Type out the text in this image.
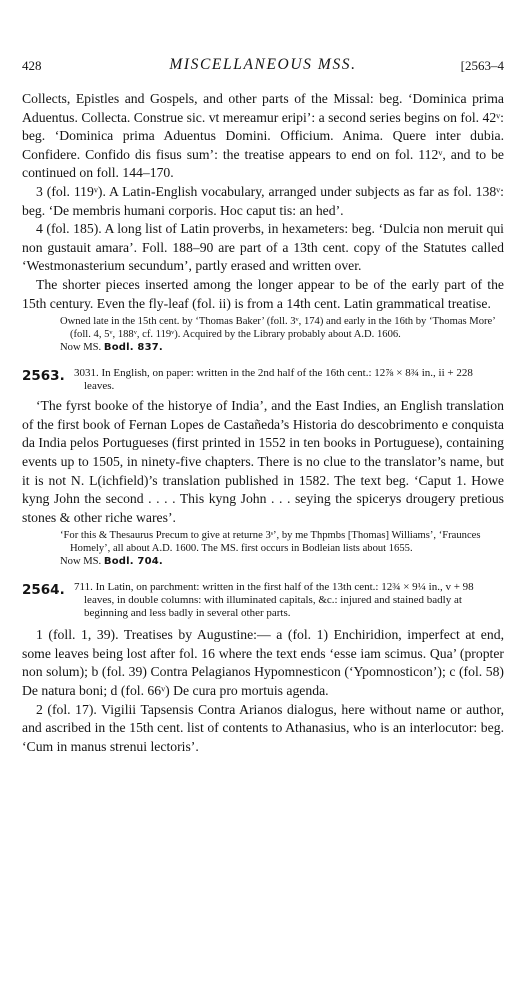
428	MISCELLANEOUS MSS.	[2563–4

Collects, Epistles and Gospels, and other parts of the Missal: beg. ‘Dominica prima Aduentus. Collecta. Construe sic. vt mereamur eripi’: a second series begins on fol. 42ᵛ: beg. ‘Dominica prima Aduentus Domini. Officium. Anima. Quere inter dubia. Confidere. Confido dis fisus sum’: the treatise appears to end on fol. 112ᵛ, and to be continued on foll. 144–170.

3 (fol. 119ᵛ). A Latin-English vocabulary, arranged under subjects as far as fol. 138ᵛ: beg. ‘De membris humani corporis. Hoc caput tis: an hed’.

4 (fol. 185). A long list of Latin proverbs, in hexameters: beg. ‘Dulcia non meruit qui non gustauit amara’. Foll. 188–90 are part of a 13th cent. copy of the Statutes called ‘Westmonasterium secundum’, partly erased and written over.

The shorter pieces inserted among the longer appear to be of the early part of the 15th century. Even the fly-leaf (fol. ii) is from a 14th cent. Latin grammatical treatise.

Owned late in the 15th cent. by ‘Thomas Baker’ (foll. 3ᵛ, 174) and early in the 16th by ‘Thomas More’ (foll. 4, 5ᵛ, 188ᵛ, cf. 119ᵛ). Acquired by the Library probably about A.D. 1606.

Now MS. Bodl. 837.

2563. 3031. In English, on paper: written in the 2nd half of the 16th cent.: 12⅞ × 8¾ in., ii + 228 leaves.

‘The fyrst booke of the historye of India’, and the East Indies, an English translation of the first book of Fernan Lopes de Castañeda’s Historia do descobrimento e conquista da India pelos Portugueses (first printed in 1552 in ten books in Portuguese), containing events up to 1505, in ninety-five chapters. There is no clue to the translator’s name, but it is not N. L(ichfield)’s translation published in 1582. The text beg. ‘Caput 1. Howe kyng John the second . . . . This kyng John . . . seying the spicerys drougery pretious stones & other riche wares’.

‘For this & Thesaurus Precum to give at returne 3ˢ’, by me Thpmbs [Thomas] Williams’, ‘Fraunces Homely’, all about A.D. 1600. The MS. first occurs in Bodleian lists about 1655.

Now MS. Bodl. 704.

2564. 711. In Latin, on parchment: written in the first half of the 13th cent.: 12¾ × 9¼ in., v + 98 leaves, in double columns: with illuminated capitals, &c.: injured and stained badly at beginning and less badly in several other parts.

1 (foll. 1, 39). Treatises by Augustine:— a (fol. 1) Enchiridion, imperfect at end, some leaves being lost after fol. 16 where the text ends ‘esse iam scimus. Qua’ (propter non solum); b (fol. 39) Contra Pelagianos Hypomnesticon (‘Ypomnosticon’); c (fol. 58) De natura boni; d (fol. 66ᵛ) De cura pro mortuis agenda.

2 (fol. 17). Vigilii Tapsensis Contra Arianos dialogus, here without name or author, and ascribed in the 15th cent. list of contents to Athanasius, who is an interlocutor: beg. ‘Cum in manus strenui lectoris’.
